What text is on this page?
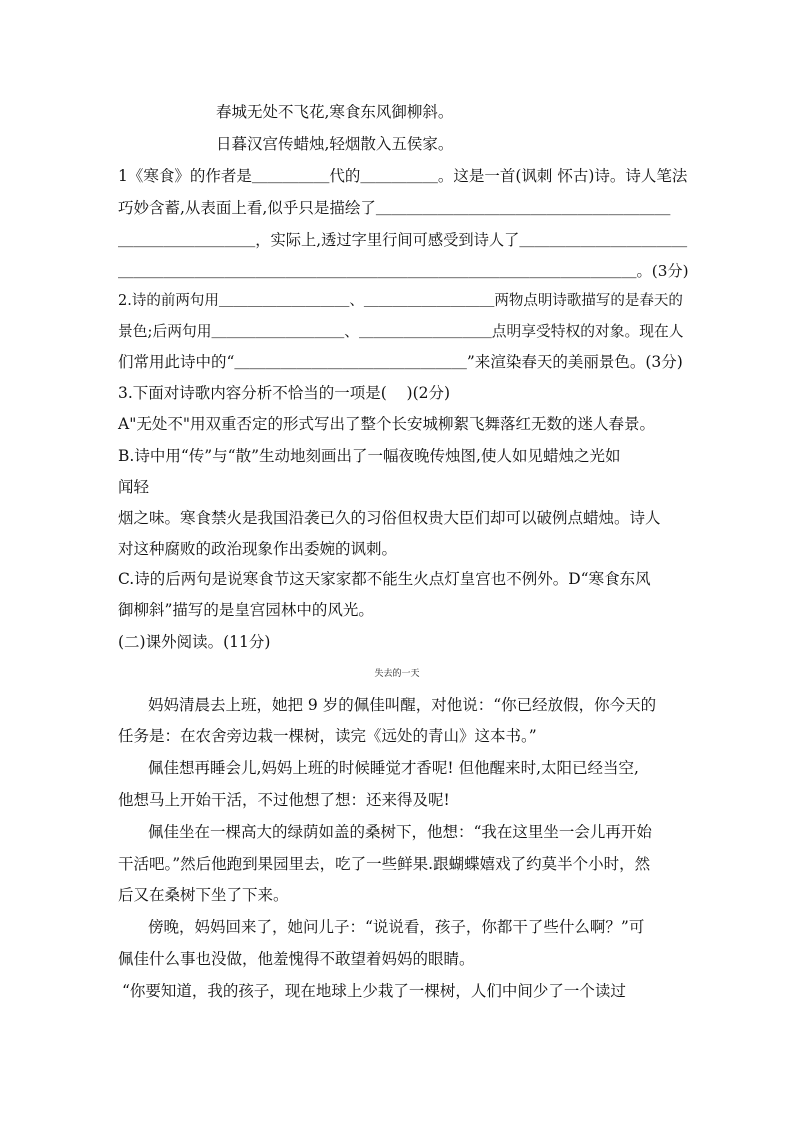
春城无处不飞花,寒食东风御柳斜。
日暮汉宫传蜡烛,轻烟散入五侯家。
1《寒食》的作者是＿＿＿＿＿代的＿＿＿＿＿。这是一首(讽刺 怀古)诗。诗人笔法
巧妙含蓄,从表面上看,似乎只是描绘了＿＿＿＿＿＿＿＿＿＿＿＿＿＿＿＿＿＿＿
＿＿＿＿＿＿＿＿＿，实际上,透过字里行间可感受到诗人了＿＿＿＿＿＿＿＿＿＿＿
＿＿＿＿＿＿＿＿＿＿＿＿＿＿＿＿＿＿＿＿＿＿＿＿＿＿＿＿＿＿＿＿＿＿。(3分)
2.诗的前两句用＿＿＿＿＿＿＿＿＿、＿＿＿＿＿＿＿＿＿两物点明诗歌描写的是春天的
景色;后两句用＿＿＿＿＿＿＿＿＿、＿＿＿＿＿＿＿＿＿点明享受特权的对象。现在人
们常用此诗中的“＿＿＿＿＿＿＿＿＿＿＿＿＿＿＿”来渲染春天的美丽景色。(3分)
3.下面对诗歌内容分析不恰当的一项是(    )(2分)
A"无处不"用双重否定的形式写出了整个长安城柳絮飞舞落红无数的迷人春景。
B.诗中用“传”与“散”生动地刻画出了一幅夜晚传烛图,使人如见蜡烛之光如
闻轻
烟之味。寒食禁火是我国沿袭已久的习俗但权贵大臣们却可以破例点蜡烛。诗人
对这种腐败的政治现象作出委婉的讽刺。
C.诗的后两句是说寒食节这天家家都不能生火点灯皇宫也不例外。D“寒食东风
御柳斜”描写的是皇宫园林中的风光。
(二)课外阅读。(11分)
失去的一天
妈妈清晨去上班，她把 9 岁的佩佳叫醒，对他说：“你已经放假，你今天的
任务是：在农舍旁边栽一棵树，读完《远处的青山》这本书。”
佩佳想再睡会儿,妈妈上班的时候睡觉才香呢! 但他醒来时,太阳已经当空,
他想马上开始干活，不过他想了想：还来得及呢!
佩佳坐在一棵高大的绿荫如盖的桑树下，他想：“我在这里坐一会儿再开始
干活吧。”然后他跑到果园里去，吃了一些鲜果.跟蝴蝶嬉戏了约莫半个小时，然
后又在桑树下坐了下来。
傍晚，妈妈回来了，她问儿子：“说说看，孩子，你都干了些什么啊？”可
佩佳什么事也没做，他羞愧得不敢望着妈妈的眼睛。
“你要知道，我的孩子，现在地球上少栽了一棵树，人们中间少了一个读过
